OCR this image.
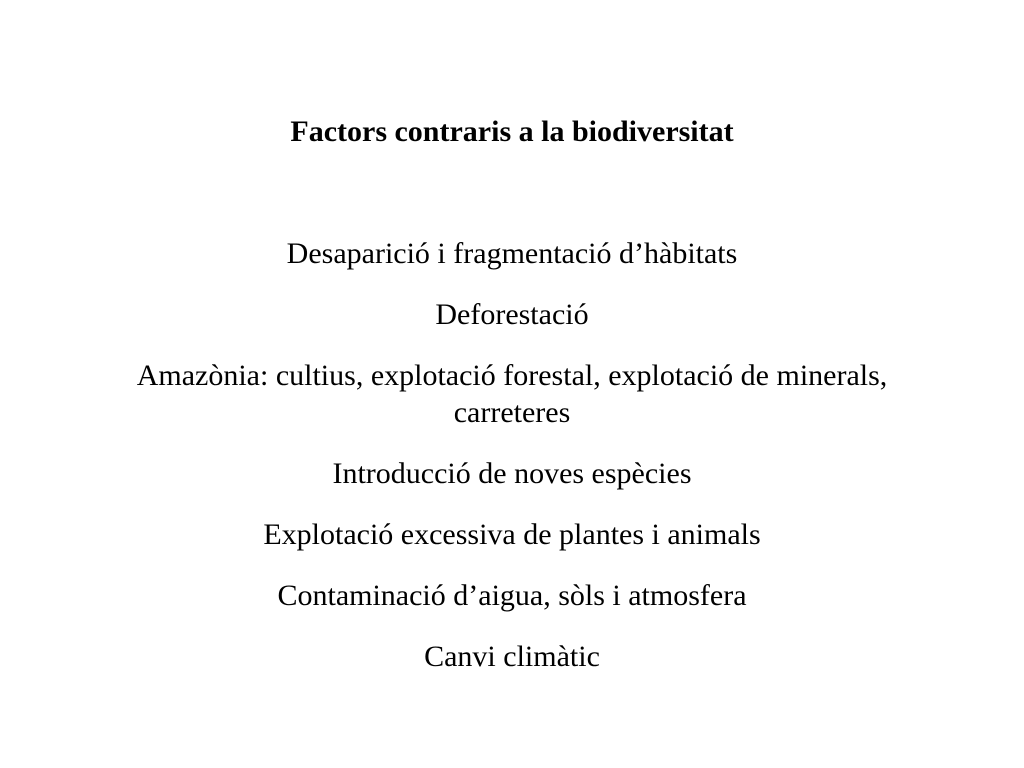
Factors contraris a la biodiversitat
Desaparició i fragmentació d’hàbitats
Deforestació
Amazònia: cultius, explotació forestal, explotació de minerals, carreteres
Introducció de noves espècies
Explotació excessiva de plantes i animals
Contaminació d’aigua, sòls i atmosfera
Canvi climàtic
